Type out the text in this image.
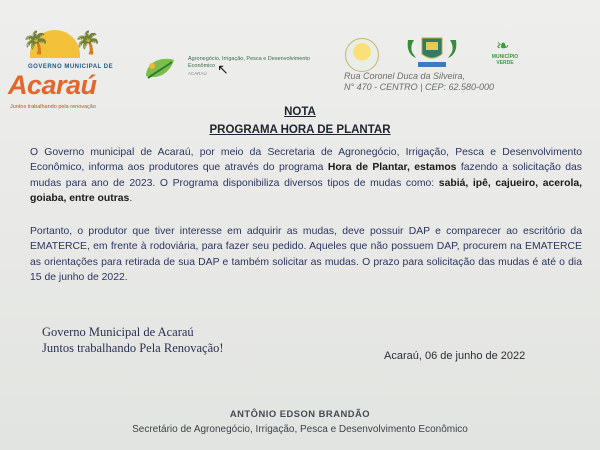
🌴 🌴
GOVERNO MUNICIPAL DE
Acaraú
Juntos trabalhando pela renovação
Agronegócio, Irrigação, Pesca e Desenvolvimento Econômico
ACARAÚ ↖
❧
MUNICÍPIO VERDE
Rua Coronel Duca da Silveira,
N° 470 - CENTRO | CEP: 62.580-000
NOTA
PROGRAMA HORA DE PLANTAR
O Governo municipal de Acaraú, por meio da Secretaria de Agronegócio, Irrigação, Pesca e Desenvolvimento Econômico, informa aos produtores que através do programa Hora de Plantar, estamos fazendo a solicitação das mudas para ano de 2023. O Programa disponibiliza diversos tipos de mudas como: sabiá, ipê, cajueiro, acerola, goiaba, entre outras.
Portanto, o produtor que tiver interesse em adquirir as mudas, deve possuir DAP e comparecer ao escritório da EMATERCE, em frente à rodoviária, para fazer seu pedido. Aqueles que não possuem DAP, procurem na EMATERCE as orientações para retirada de sua DAP e também solicitar as mudas. O prazo para solicitação das mudas é até o dia 15 de junho de 2022.
Governo Municipal de Acaraú
Juntos trabalhando Pela Renovação!
Acaraú, 06 de junho de 2022
ANTÔNIO EDSON BRANDÃO
Secretário de Agronegócio, Irrigação, Pesca e Desenvolvimento Econômico
